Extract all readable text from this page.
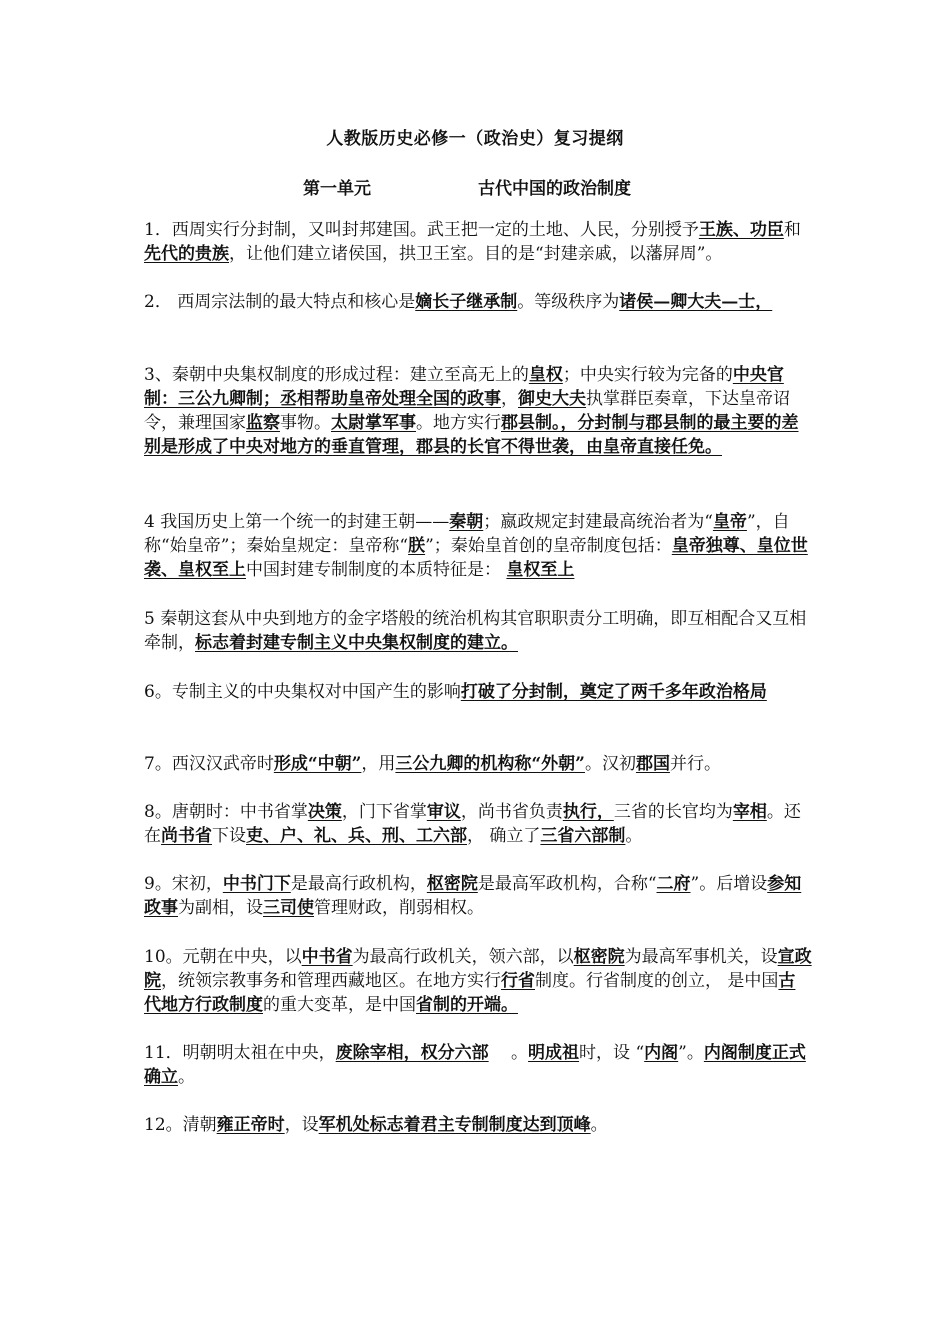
人教版历史必修一（政治史）复习提纲

第一单元	古代中国的政治制度

1．西周实行分封制，又叫封邦建国。武王把一定的土地、人民，分别授予王族、功臣和先代的贵族，让他们建立诸侯国，拱卫王室。目的是“封建亲戚，以藩屏周”。

2． 西周宗法制的最大特点和核心是嫡长子继承制。等级秩序为诸侯—卿大夫—士，

3、秦朝中央集权制度的形成过程：建立至高无上的皇权；中央实行较为完备的中央官制：三公九卿制；丞相帮助皇帝处理全国的政事，御史大夫执掌群臣奏章，下达皇帝诏令，兼理国家监察事物。太尉掌军事。地方实行郡县制。，分封制与郡县制的最主要的差别是形成了中央对地方的垂直管理，郡县的长官不得世袭，由皇帝直接任免。

4 我国历史上第一个统一的封建王朝——秦朝；嬴政规定封建最高统治者为“皇帝”，自称“始皇帝”；秦始皇规定：皇帝称“朕”；秦始皇首创的皇帝制度包括：皇帝独尊、皇位世袭、皇权至上中国封建专制制度的本质特征是： 皇权至上

5 秦朝这套从中央到地方的金字塔般的统治机构其官职职责分工明确，即互相配合又互相牵制，标志着封建专制主义中央集权制度的建立。

6。专制主义的中央集权对中国产生的影响打破了分封制，奠定了两千多年政治格局

7。西汉汉武帝时形成“中朝”，用三公九卿的机构称“外朝”。汉初郡国并行。

8。唐朝时：中书省掌决策，门下省掌审议，尚书省负责执行，三省的长官均为宰相。还在尚书省下设吏、户、礼、兵、刑、工六部， 确立了三省六部制。

9。宋初，中书门下是最高行政机构，枢密院是最高军政机构，合称“二府”。后增设参知政事为副相，设三司使管理财政，削弱相权。

10。元朝在中央，以中书省为最高行政机关，领六部，以枢密院为最高军事机关，设宣政院，统领宗教事务和管理西藏地区。在地方实行行省制度。行省制度的创立， 是中国古代地方行政制度的重大变革，是中国省制的开端。

11．明朝明太祖在中央，废除宰相，权分六部　 。明成祖时，设 “内阁”。内阁制度正式确立。

12。清朝雍正帝时，设军机处标志着君主专制制度达到顶峰。
